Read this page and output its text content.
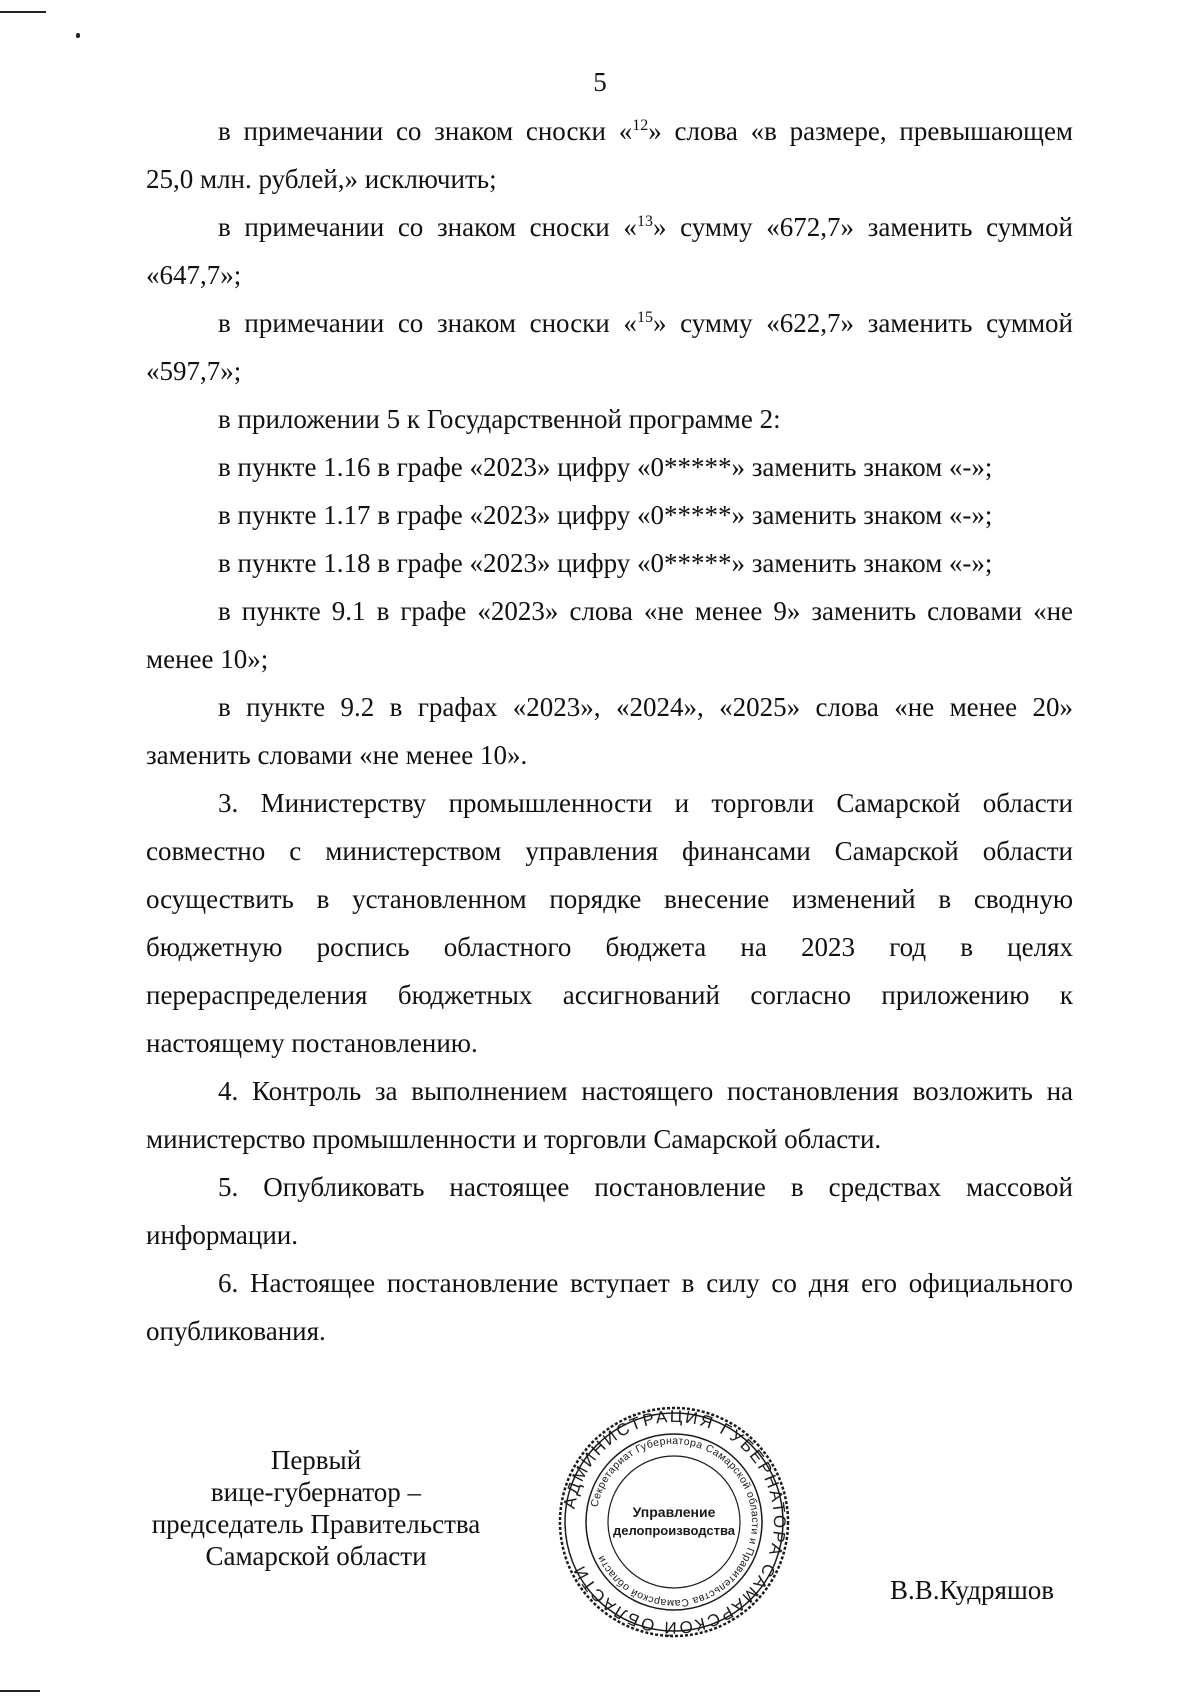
5

в примечании со знаком сноски «$^{12}$» слова «в размере, превышающем 25,0 млн. рублей,» исключить;

в примечании со знаком сноски «$^{13}$» сумму «672,7» заменить суммой «647,7»;

в примечании со знаком сноски «$^{15}$» сумму «622,7» заменить суммой «597,7»;

в приложении 5 к Государственной программе 2:

в пункте 1.16 в графе «2023» цифру «0*****» заменить знаком «-»;

в пункте 1.17 в графе «2023» цифру «0*****» заменить знаком «-»;

в пункте 1.18 в графе «2023» цифру «0*****» заменить знаком «-»;

в пункте 9.1 в графе «2023» слова «не менее 9» заменить словами «не менее 10»;

в пункте 9.2 в графах «2023», «2024», «2025» слова «не менее 20» заменить словами «не менее 10».

3. Министерству промышленности и торговли Самарской области совместно с министерством управления финансами Самарской области осуществить в установленном порядке внесение изменений в сводную бюджетную роспись областного бюджета на 2023 год в целях перераспределения бюджетных ассигнований согласно приложению к настоящему постановлению.

4. Контроль за выполнением настоящего постановления возложить на министерство промышленности и торговли Самарской области.

5. Опубликовать настоящее постановление в средствах массовой информации.

6. Настоящее постановление вступает в силу со дня его официального опубликования.

Первый
вице-губернатор –
председатель Правительства
Самарской области
АДМИНИСТРАЦИЯ ГУБЕРНАТОРА САМАРСКОЙ ОБЛАСТИ
Секретариат Губернатора Самарской области и Правительства Самарской области
Управление
делопроизводства
В.В.Кудряшов
